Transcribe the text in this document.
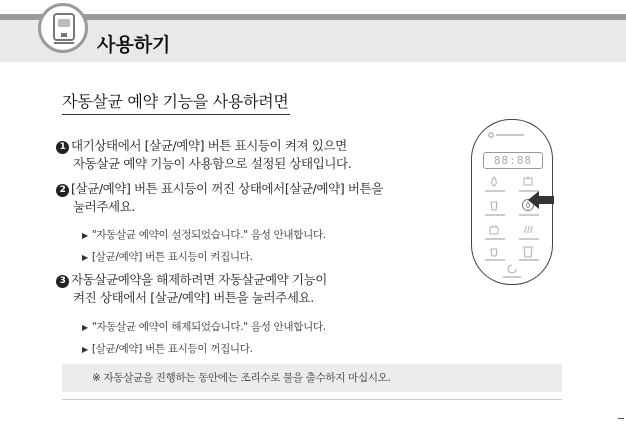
사용하기
자동살균 예약 기능을 사용하려면
1 대기상태에서 [살균/예약] 버튼 표시등이 켜져 있으면
자동살균 예약 기능이 사용함으로 설정된 상태입니다.
2 [살균/예약] 버튼 표시등이 꺼진 상태에서[살균/예약] 버튼을
눌러주세요.
▶ "자동살균 예약이 설정되었습니다." 음성 안내합니다.
▶ [살균/예약] 버튼 표시등이 켜집니다.
3 자동살균예약을 해제하려면 자동살균예약 기능이
켜진 상태에서 [살균/예약] 버튼을 눌러주세요.
▶ "자동살균 예약이 해제되었습니다." 음성 안내합니다.
▶ [살균/예약] 버튼 표시등이 꺼집니다.
※ 자동살균을 진행하는 동안에는 조리수로 물을 출수하지 마십시오.
88:88
